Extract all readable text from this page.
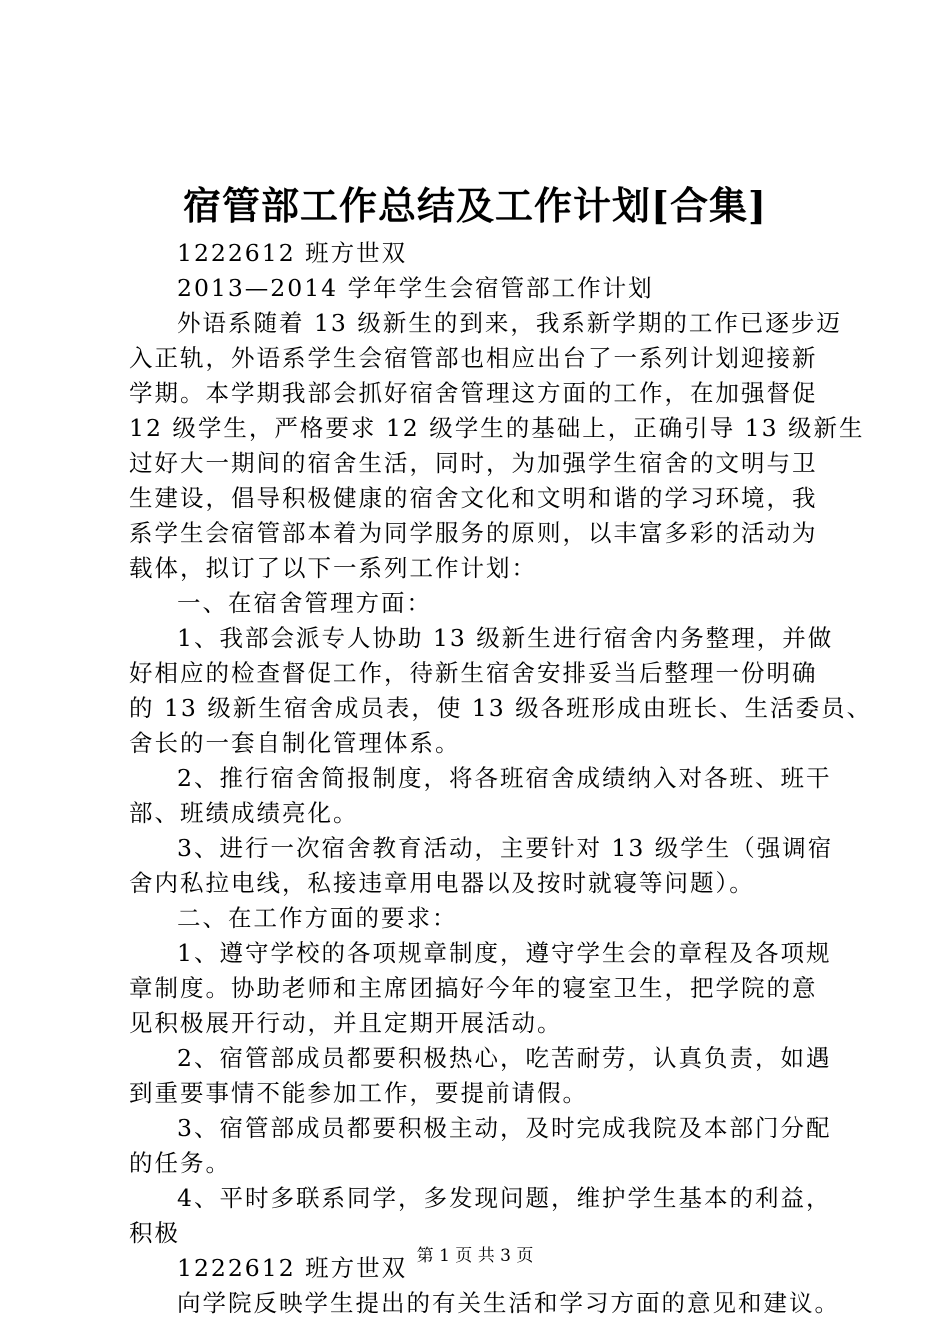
宿管部工作总结及工作计划[合集]
1222612 班方世双
2013—2014 学年学生会宿管部工作计划
外语系随着 13 级新生的到来，我系新学期的工作已逐步迈
入正轨，外语系学生会宿管部也相应出台了一系列计划迎接新
学期。本学期我部会抓好宿舍管理这方面的工作，在加强督促
12 级学生，严格要求 12 级学生的基础上，正确引导 13 级新生
过好大一期间的宿舍生活，同时，为加强学生宿舍的文明与卫
生建设，倡导积极健康的宿舍文化和文明和谐的学习环境，我
系学生会宿管部本着为同学服务的原则，以丰富多彩的活动为
载体，拟订了以下一系列工作计划：
一、在宿舍管理方面：
1、我部会派专人协助 13 级新生进行宿舍内务整理，并做
好相应的检查督促工作，待新生宿舍安排妥当后整理一份明确
的 13 级新生宿舍成员表，使 13 级各班形成由班长、生活委员、
舍长的一套自制化管理体系。
2、推行宿舍简报制度，将各班宿舍成绩纳入对各班、班干
部、班绩成绩亮化。
3、进行一次宿舍教育活动，主要针对 13 级学生（强调宿
舍内私拉电线，私接违章用电器以及按时就寝等问题）。
二、在工作方面的要求：
1、遵守学校的各项规章制度，遵守学生会的章程及各项规
章制度。协助老师和主席团搞好今年的寝室卫生，把学院的意
见积极展开行动，并且定期开展活动。
2、宿管部成员都要积极热心，吃苦耐劳，认真负责，如遇
到重要事情不能参加工作，要提前请假。
3、宿管部成员都要积极主动，及时完成我院及本部门分配
的任务。
4、平时多联系同学，多发现问题，维护学生基本的利益，
积极
1222612 班方世双
向学院反映学生提出的有关生活和学习方面的意见和建议。
第 1 页 共 3 页
